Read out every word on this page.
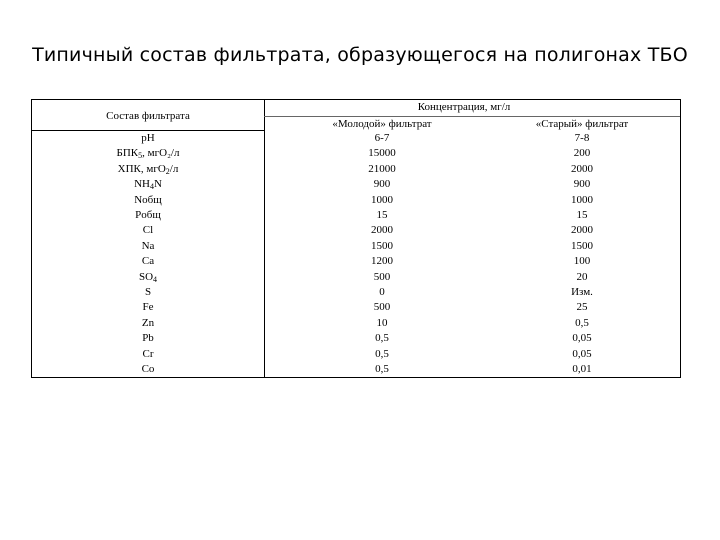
Типичный состав фильтрата, образующегося на полигонах ТБО
Состав фильтрата
Концентрация, мг/л
«Молодой» фильтрат	«Старый» фильтрат
pH	6-7	7-8
$БПК_5$, мгО₂/л	15000	200
ХПК, мгО$_2$/л	21000	2000
$NH_4N$	900	900
Nобщ	1000	1000
Pобщ	15	15
Cl	2000	2000
Na	1500	1500
Ca	1200	100
$SO_4$	500	20
S	0	Изм.
Fe	500	25
Zn	10	0,5
Pb	0,5	0,05
Cr	0,5	0,05
Co	0,5	0,01
